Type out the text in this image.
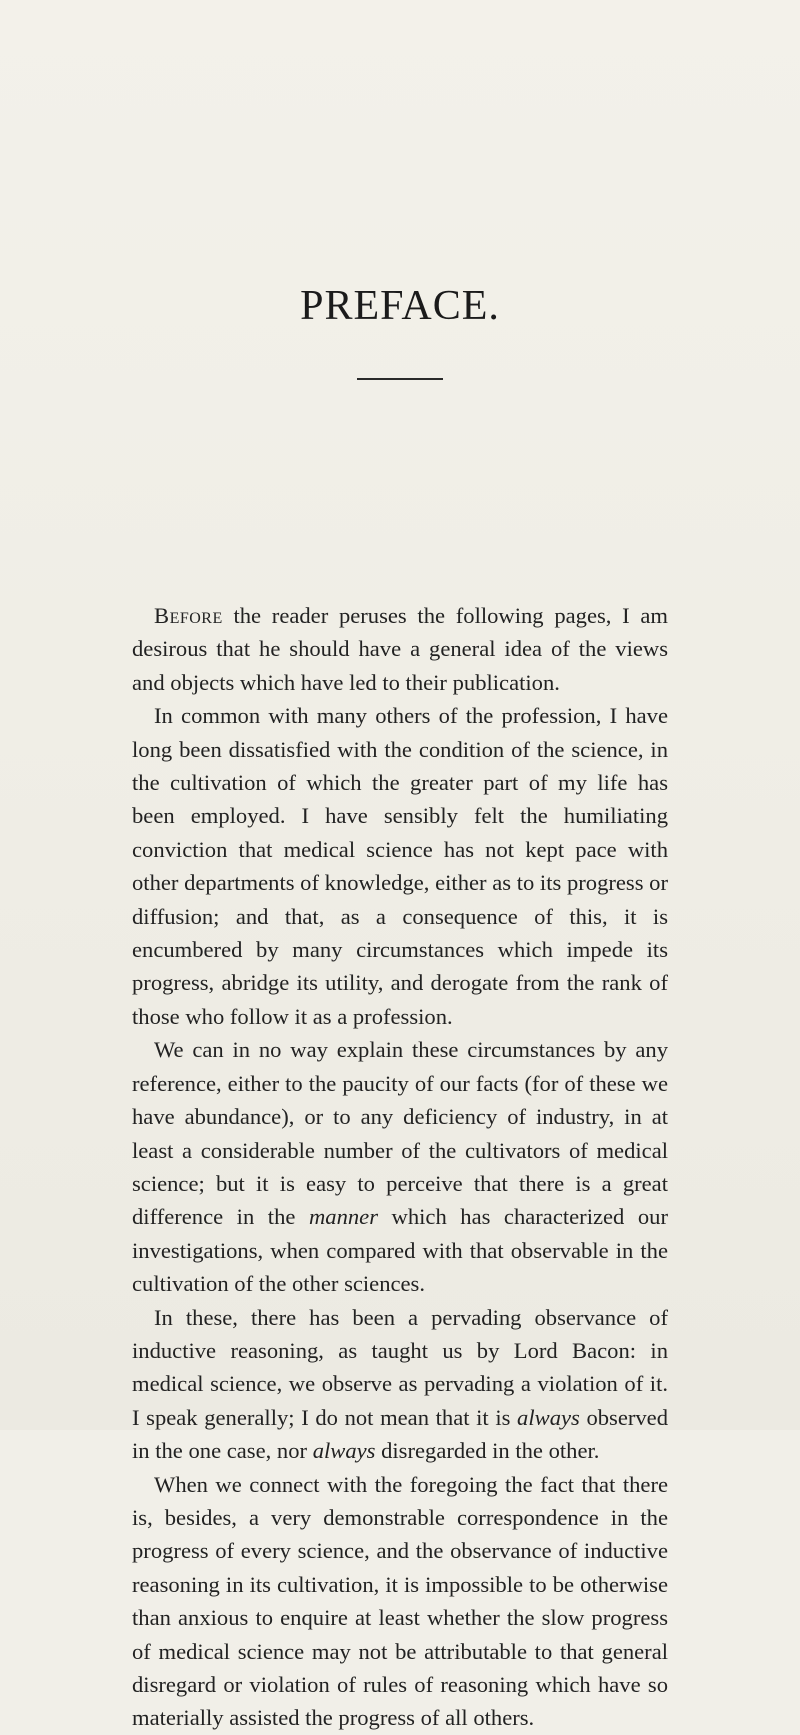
PREFACE.

Before the reader peruses the following pages, I am desirous that he should have a general idea of the views and objects which have led to their publication.

In common with many others of the profession, I have long been dissatisfied with the condition of the science, in the cultivation of which the greater part of my life has been employed. I have sensibly felt the humiliating conviction that medical science has not kept pace with other departments of knowledge, either as to its progress or diffusion; and that, as a consequence of this, it is encumbered by many circumstances which impede its progress, abridge its utility, and derogate from the rank of those who follow it as a profession.

We can in no way explain these circumstances by any reference, either to the paucity of our facts (for of these we have abundance), or to any deficiency of industry, in at least a considerable number of the cultivators of medical science; but it is easy to perceive that there is a great difference in the manner which has characterized our investigations, when compared with that observable in the cultivation of the other sciences.

In these, there has been a pervading observance of inductive reasoning, as taught us by Lord Bacon: in medical science, we observe as pervading a violation of it. I speak generally; I do not mean that it is always observed in the one case, nor always disregarded in the other.

When we connect with the foregoing the fact that there is, besides, a very demonstrable correspondence in the progress of every science, and the observance of inductive reasoning in its cultivation, it is impossible to be otherwise than anxious to enquire at least whether the slow progress of medical science may not be attributable to that general disregard or violation of rules of reasoning which have so materially assisted the progress of all others.
